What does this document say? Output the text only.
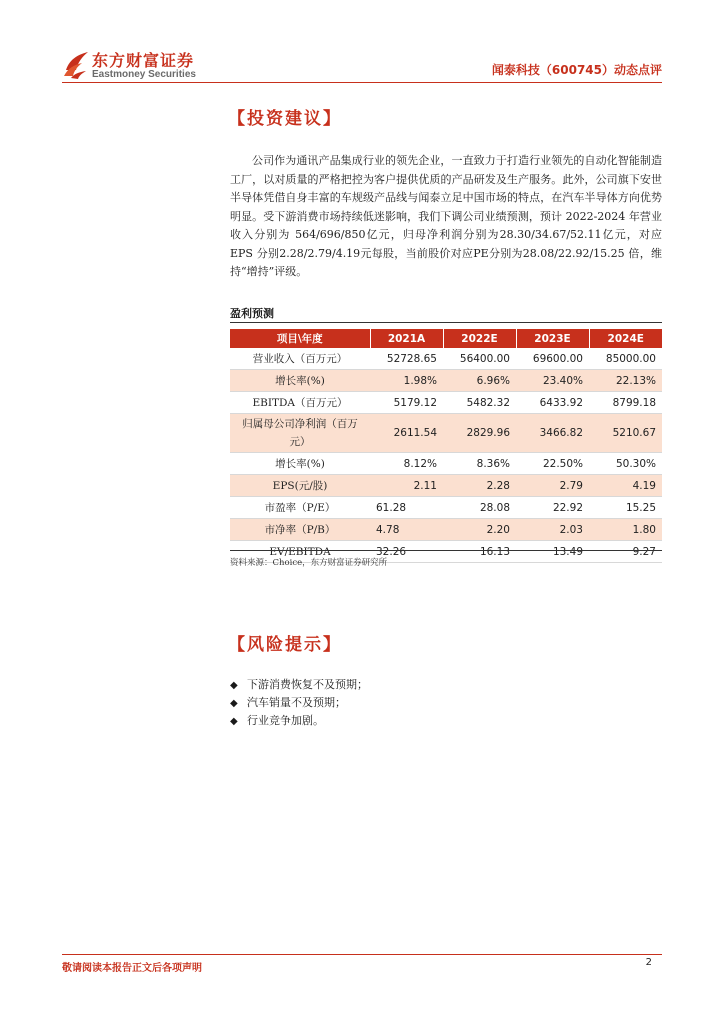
东方财富证券
Eastmoney Securities	闻泰科技（600745）动态点评
【投资建议】

公司作为通讯产品集成行业的领先企业，一直致力于打造行业领先的自动化智能制造工厂，以对质量的严格把控为客户提供优质的产品研发及生产服务。此外，公司旗下安世半导体凭借自身丰富的车规级产品线与闻泰立足中国市场的特点，在汽车半导体方向优势明显。受下游消费市场持续低迷影响，我们下调公司业绩预测，预计 2022-2024 年营业收入分别为 564/696/850亿元，归母净利润分别为28.30/34.67/52.11亿元，对应 EPS 分别2.28/2.79/4.19元每股，当前股价对应PE分别为28.08/22.92/15.25 倍，维持“增持”评级。

盈利预测
项目\年度	2021A	2022E	2023E	2024E
营业收入（百万元）	52728.65	56400.00	69600.00	85000.00
增长率(%)	1.98%	6.96%	23.40%	22.13%
EBITDA（百万元）	5179.12	5482.32	6433.92	8799.18
归属母公司净利润（百万元）	2611.54	2829.96	3466.82	5210.67
增长率(%)	8.12%	8.36%	22.50%	50.30%
EPS(元/股)	2.11	2.28	2.79	4.19
市盈率（P/E）	61.28	28.08	22.92	15.25
市净率（P/B）	4.78	2.20	2.03	1.80
EV/EBITDA	32.26	16.13	13.49	9.27
资料来源：Choice，东方财富证券研究所
【风险提示】
◆ 下游消费恢复不及预期；
◆ 汽车销量不及预期；
◆ 行业竞争加剧。
敬请阅读本报告正文后各项声明
2
